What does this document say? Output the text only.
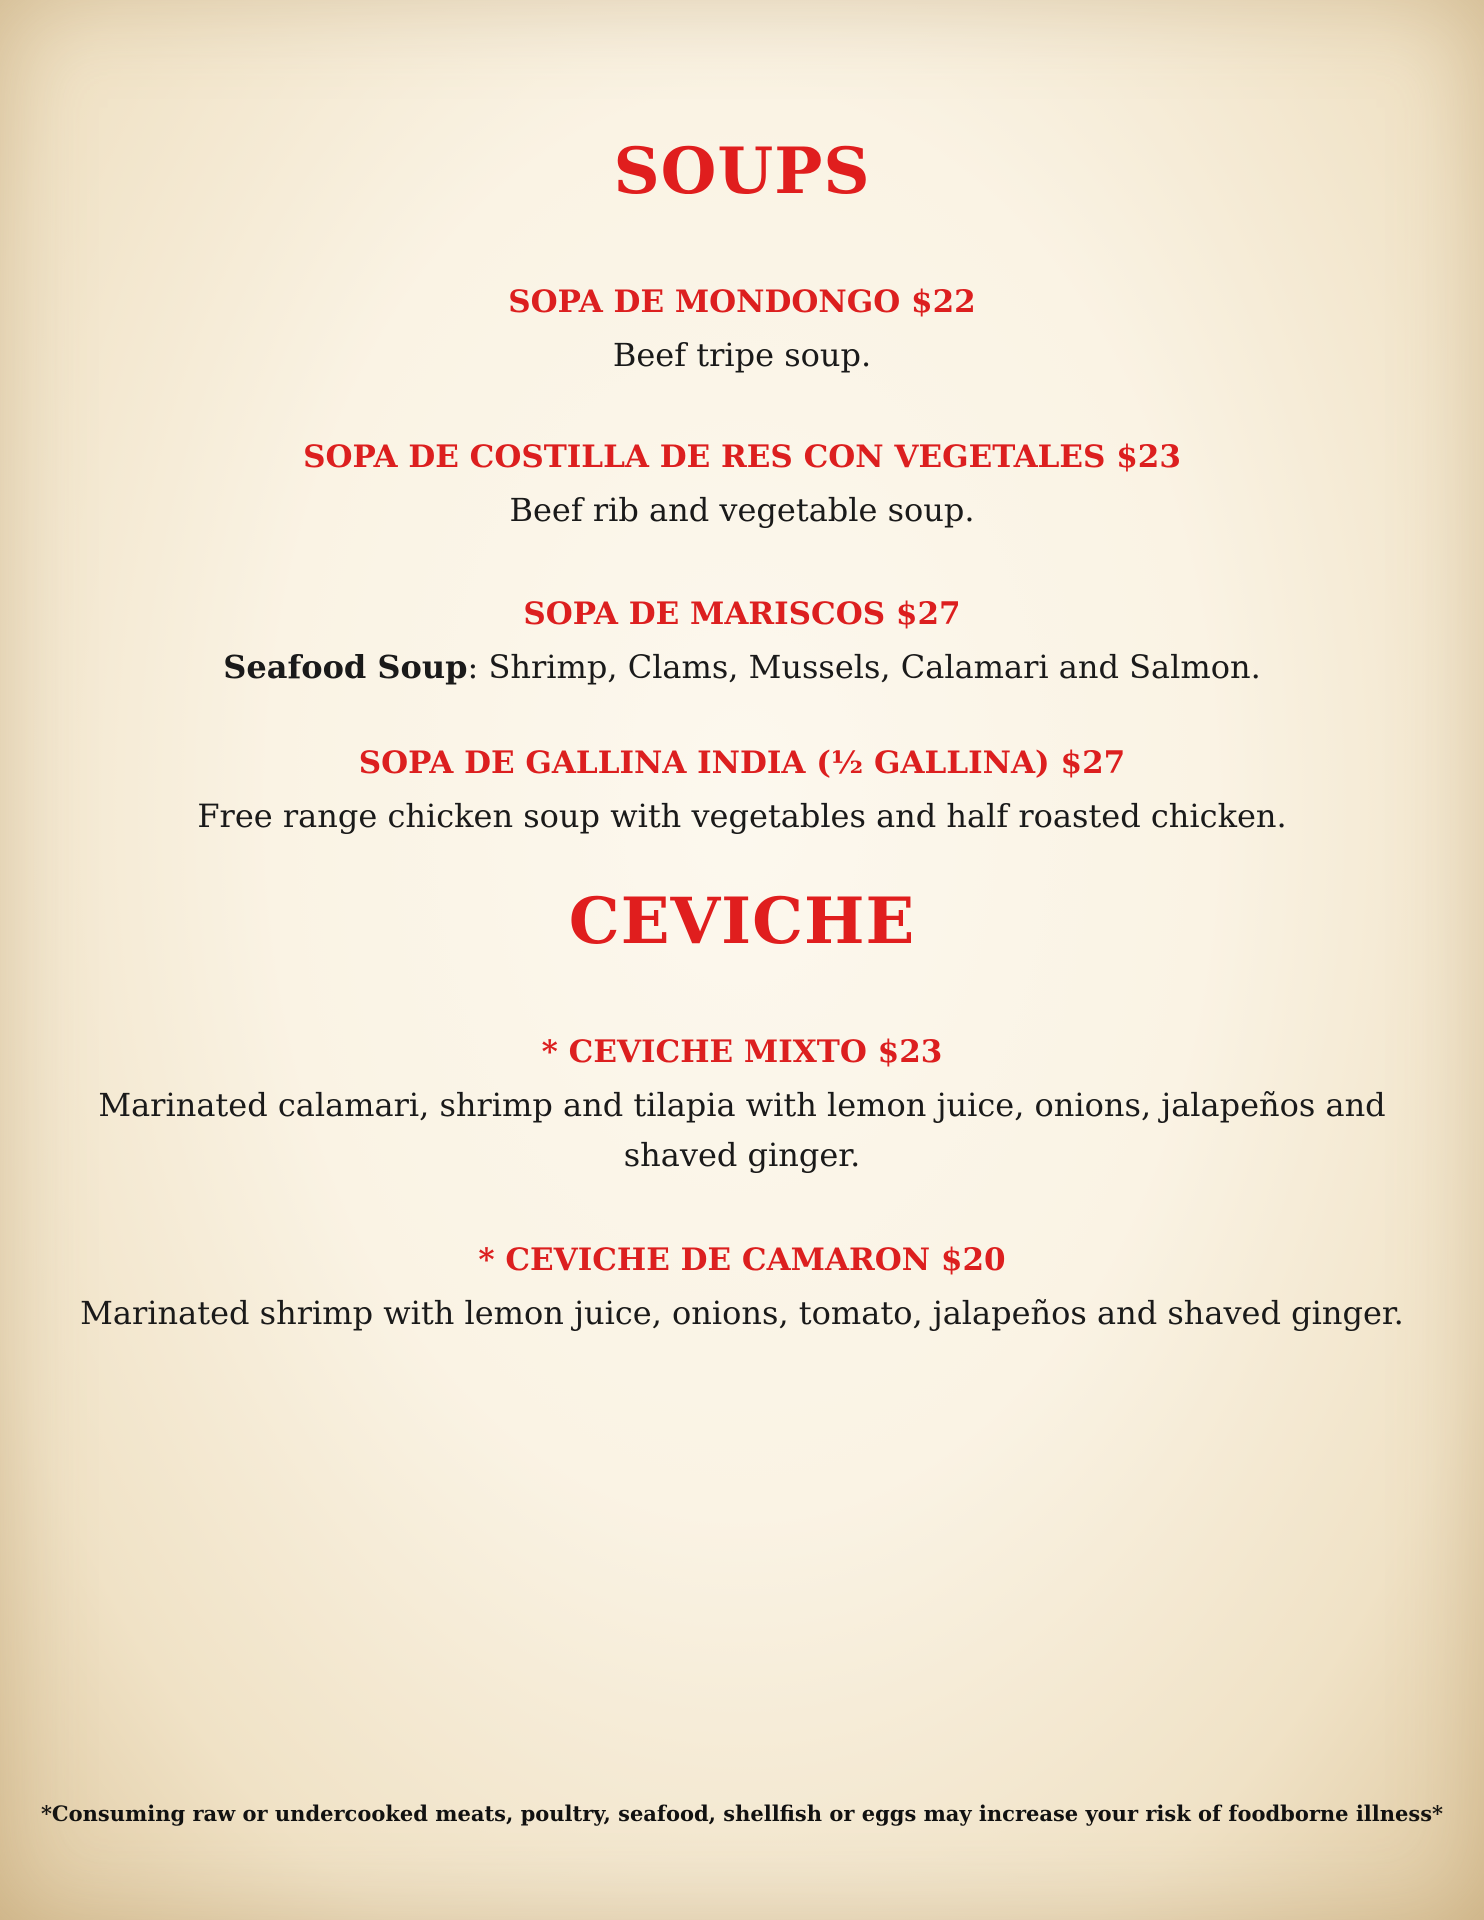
SOUPS

SOPA DE MONDONGO $22

Beef tripe soup.

SOPA DE COSTILLA DE RES CON VEGETALES $23

Beef rib and vegetable soup.

SOPA DE MARISCOS $27

Seafood Soup: Shrimp, Clams, Mussels, Calamari and Salmon.

SOPA DE GALLINA INDIA (½ GALLINA) $27

Free range chicken soup with vegetables and half roasted chicken.

CEVICHE

* CEVICHE MIXTO $23

Marinated calamari, shrimp and tilapia with lemon juice, onions, jalapeños and shaved ginger.

* CEVICHE DE CAMARON $20

Marinated shrimp with lemon juice, onions, tomato, jalapeños and shaved ginger.

*Consuming raw or undercooked meats, poultry, seafood, shellfish or eggs may increase your risk of foodborne illness*
